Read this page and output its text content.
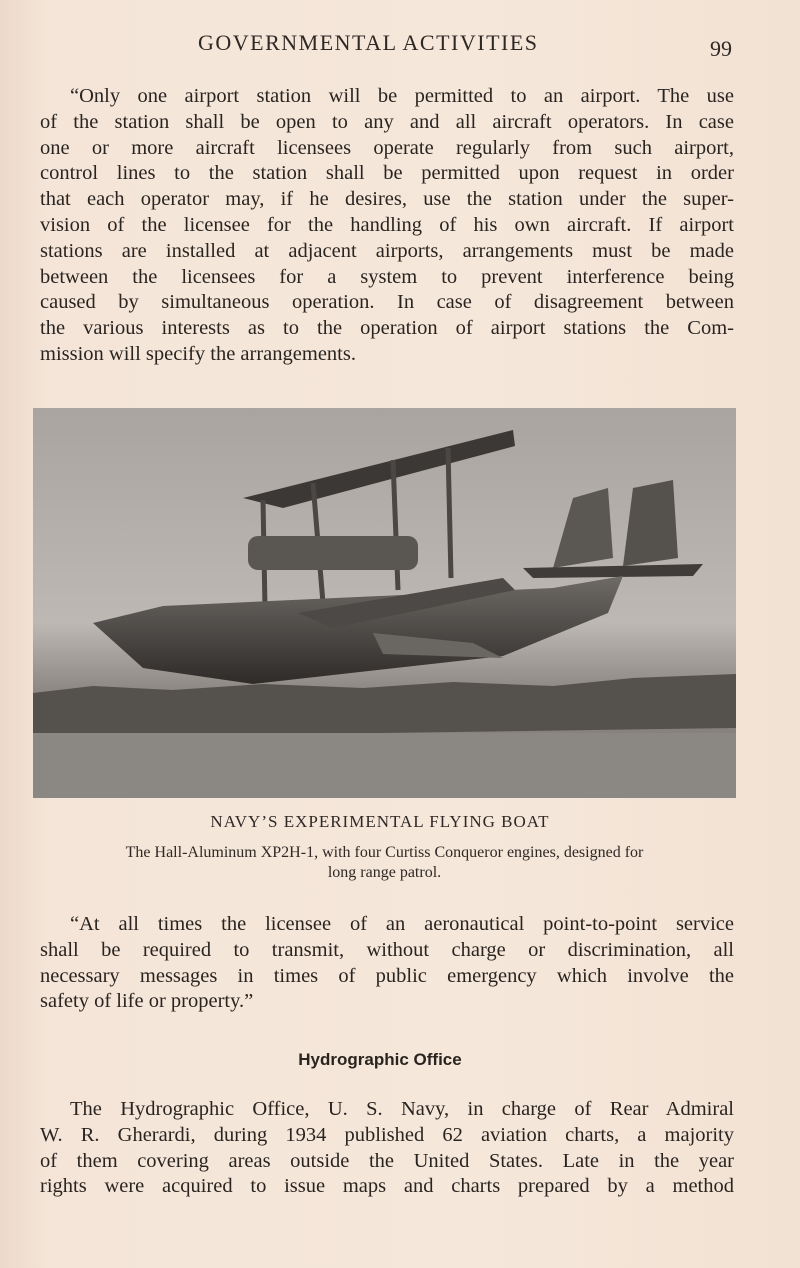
GOVERNMENTAL ACTIVITIES	99
“Only one airport station will be permitted to an airport. The use
of the station shall be open to any and all aircraft operators. In case
one or more aircraft licensees operate regularly from such airport,
control lines to the station shall be permitted upon request in order
that each operator may, if he desires, use the station under the super-
vision of the licensee for the handling of his own aircraft. If airport
stations are installed at adjacent airports, arrangements must be made
between the licensees for a system to prevent interference being
caused by simultaneous operation. In case of disagreement between
the various interests as to the operation of airport stations the Com-
mission will specify the arrangements.
NAVY’S EXPERIMENTAL FLYING BOAT
The Hall-Aluminum XP2H-1, with four Curtiss Conqueror engines, designed for
long range patrol.
“At all times the licensee of an aeronautical point-to-point service
shall be required to transmit, without charge or discrimination, all
necessary messages in times of public emergency which involve the
safety of life or property.”
Hydrographic Office
The Hydrographic Office, U. S. Navy, in charge of Rear Admiral
W. R. Gherardi, during 1934 published 62 aviation charts, a majority
of them covering areas outside the United States. Late in the year
rights were acquired to issue maps and charts prepared by a method
